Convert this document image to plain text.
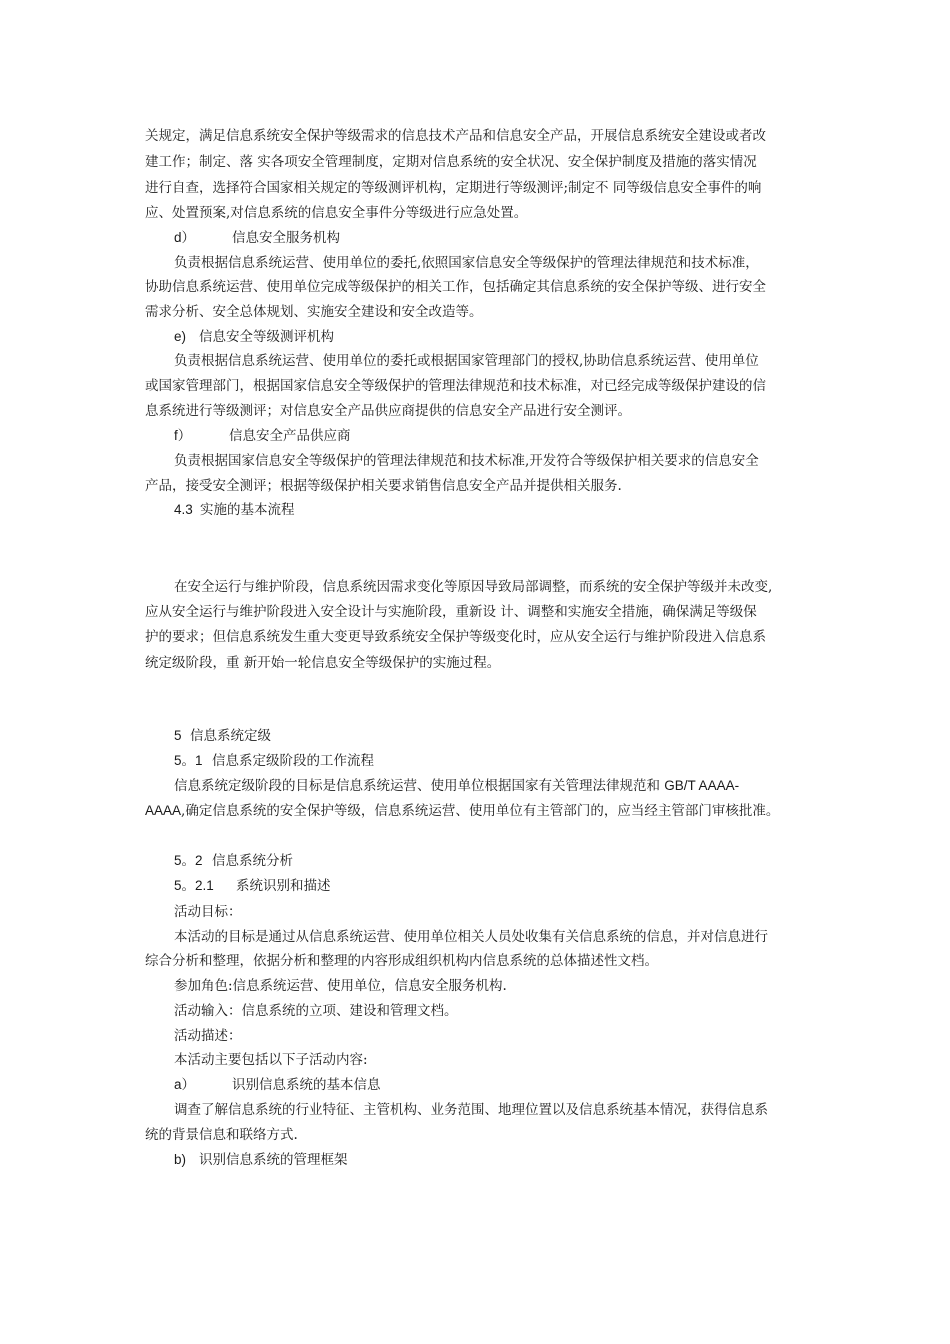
关规定，满足信息系统安全保护等级需求的信息技术产品和信息安全产品，开展信息系统安全建设或者改
建工作；制定、落 实各项安全管理制度，定期对信息系统的安全状况、安全保护制度及措施的落实情况
进行自查，选择符合国家相关规定的等级测评机构，定期进行等级测评;制定不 同等级信息安全事件的响
应、处置预案,对信息系统的信息安全事件分等级进行应急处置。
d）	信息安全服务机构
负责根据信息系统运营、使用单位的委托,依照国家信息安全等级保护的管理法律规范和技术标准，
协助信息系统运营、使用单位完成等级保护的相关工作，包括确定其信息系统的安全保护等级、进行安全
需求分析、安全总体规划、实施安全建设和安全改造等。
e) 信息安全等级测评机构
负责根据信息系统运营、使用单位的委托或根据国家管理部门的授权,协助信息系统运营、使用单位
或国家管理部门，根据国家信息安全等级保护的管理法律规范和技术标准，对已经完成等级保护建设的信
息系统进行等级测评；对信息安全产品供应商提供的信息安全产品进行安全测评。
f）	信息安全产品供应商
负责根据国家信息安全等级保护的管理法律规范和技术标准,开发符合等级保护相关要求的信息安全
产品，接受安全测评；根据等级保护相关要求销售信息安全产品并提供相关服务.
4.3 实施的基本流程
在安全运行与维护阶段，信息系统因需求变化等原因导致局部调整，而系统的安全保护等级并未改变,
应从安全运行与维护阶段进入安全设计与实施阶段，重新设 计、调整和实施安全措施，确保满足等级保
护的要求；但信息系统发生重大变更导致系统安全保护等级变化时，应从安全运行与维护阶段进入信息系
统定级阶段，重 新开始一轮信息安全等级保护的实施过程。
5 信息系统定级
5。1 信息系定级阶段的工作流程
信息系统定级阶段的目标是信息系统运营、使用单位根据国家有关管理法律规范和 GB/T AAAA-
AAAA,确定信息系统的安全保护等级，信息系统运营、使用单位有主管部门的，应当经主管部门审核批准。
5。2 信息系统分析
5。2.1 系统识别和描述
活动目标：
本活动的目标是通过从信息系统运营、使用单位相关人员处收集有关信息系统的信息，并对信息进行
综合分析和整理，依据分析和整理的内容形成组织机构内信息系统的总体描述性文档。
参加角色:信息系统运营、使用单位，信息安全服务机构.
活动输入：信息系统的立项、建设和管理文档。
活动描述：
本活动主要包括以下子活动内容:
a）	识别信息系统的基本信息
调查了解信息系统的行业特征、主管机构、业务范围、地理位置以及信息系统基本情况，获得信息系
统的背景信息和联络方式.
b) 识别信息系统的管理框架
